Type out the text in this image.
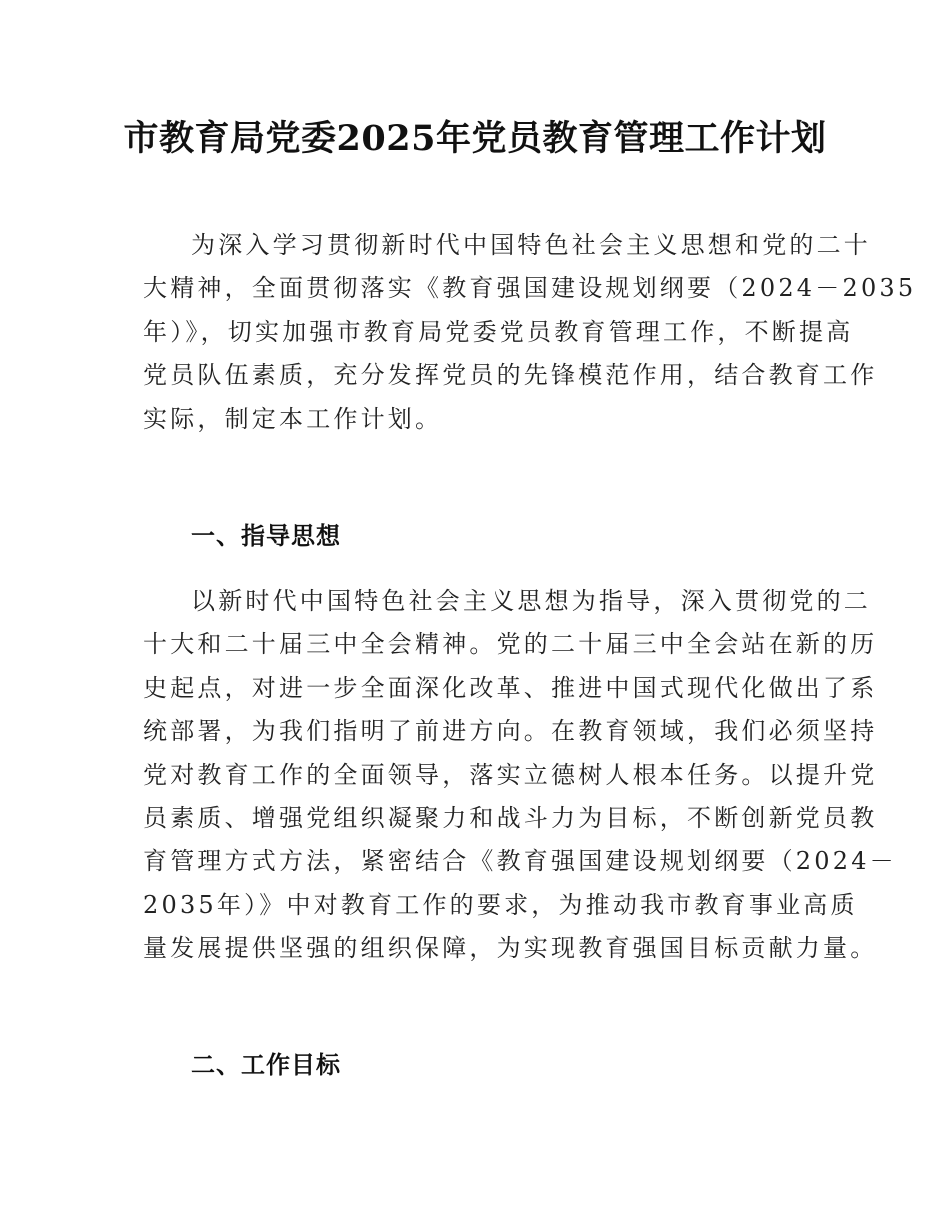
市教育局党委2025年党员教育管理工作计划
为深入学习贯彻新时代中国特色社会主义思想和党的二十
大精神，全面贯彻落实《教育强国建设规划纲要（2024－2035
年）》，切实加强市教育局党委党员教育管理工作，不断提高
党员队伍素质，充分发挥党员的先锋模范作用，结合教育工作
实际，制定本工作计划。
一、指导思想
以新时代中国特色社会主义思想为指导，深入贯彻党的二
十大和二十届三中全会精神。党的二十届三中全会站在新的历
史起点，对进一步全面深化改革、推进中国式现代化做出了系
统部署，为我们指明了前进方向。在教育领域，我们必须坚持
党对教育工作的全面领导，落实立德树人根本任务。以提升党
员素质、增强党组织凝聚力和战斗力为目标，不断创新党员教
育管理方式方法，紧密结合《教育强国建设规划纲要（2024－
2035年）》中对教育工作的要求，为推动我市教育事业高质
量发展提供坚强的组织保障，为实现教育强国目标贡献力量。
二、工作目标
